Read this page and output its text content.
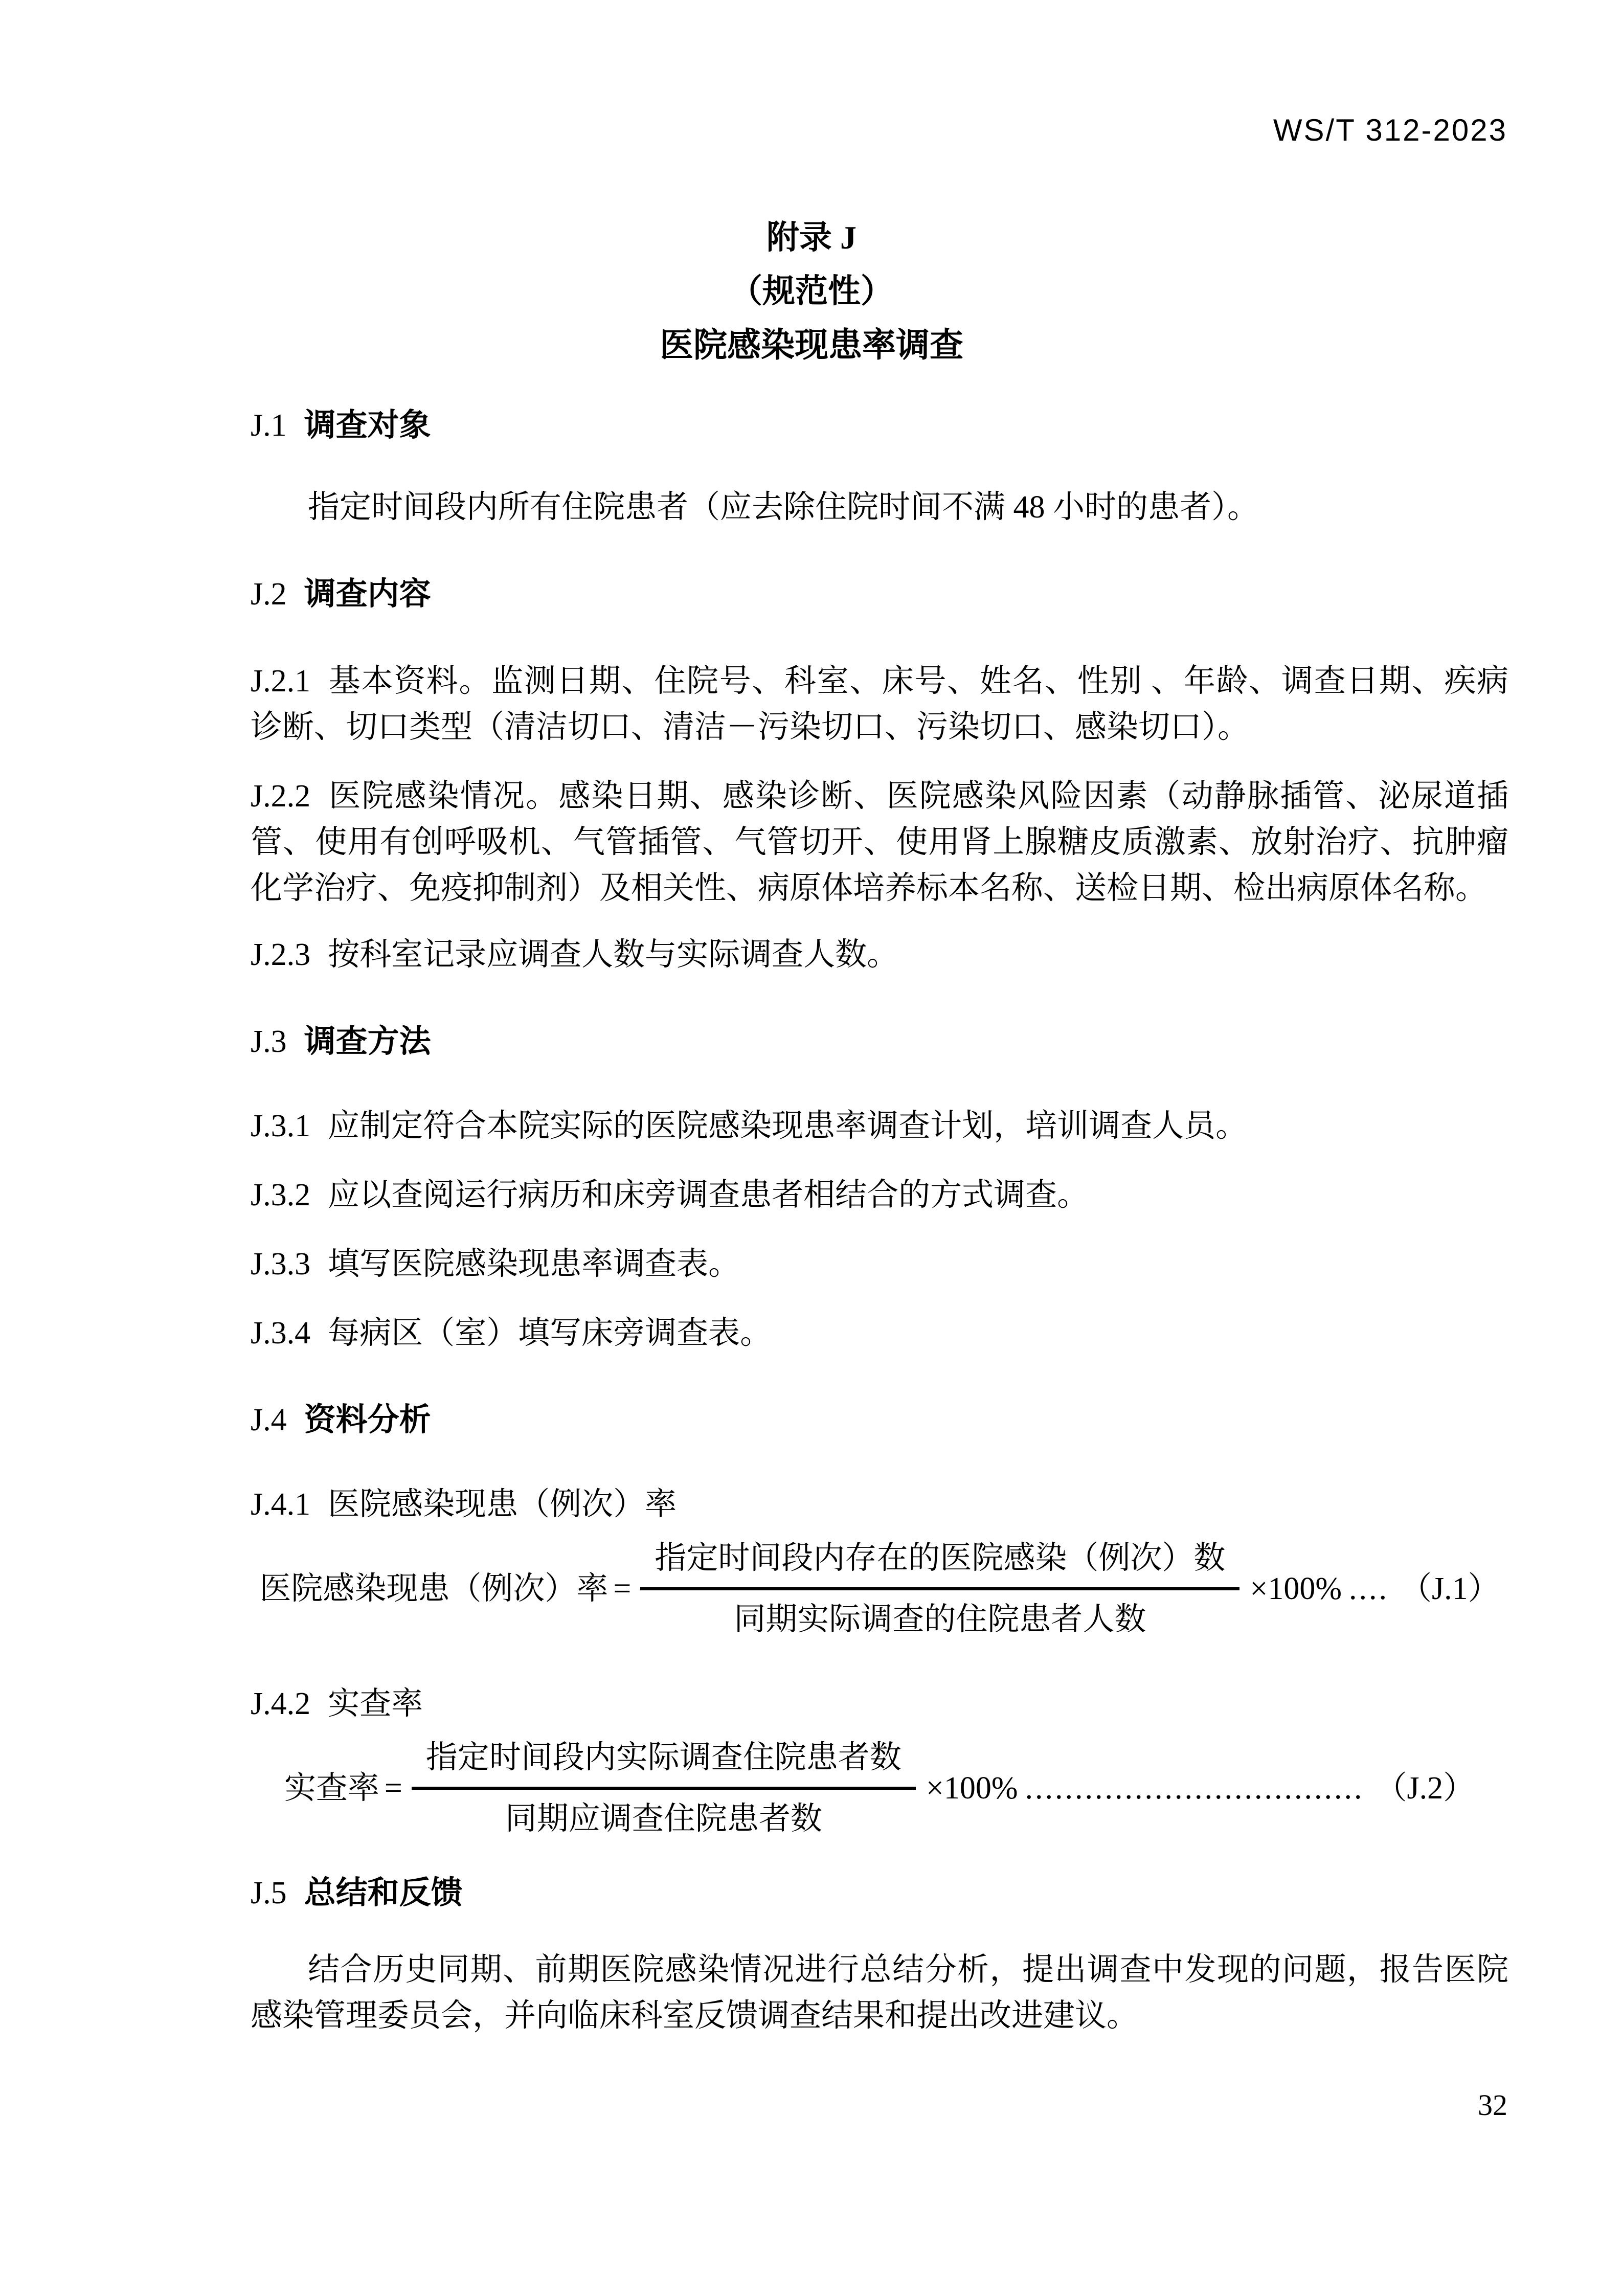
WS/T 312-2023
附录 J
（规范性）
医院感染现患率调查
J.1 调查对象

指定时间段内所有住院患者（应去除住院时间不满 48 小时的患者）。

J.2 调查内容

J.2.1 基本资料。监测日期、住院号、科室、床号、姓名、性别 、年龄、调查日期、疾病诊断、切口类型（清洁切口、清洁－污染切口、污染切口、感染切口）。

J.2.2 医院感染情况。感染日期、感染诊断、医院感染风险因素（动静脉插管、泌尿道插管、使用有创呼吸机、气管插管、气管切开、使用肾上腺糖皮质激素、放射治疗、抗肿瘤化学治疗、免疫抑制剂）及相关性、病原体培养标本名称、送检日期、检出病原体名称。

J.2.3 按科室记录应调查人数与实际调查人数。

J.3 调查方法

J.3.1 应制定符合本院实际的医院感染现患率调查计划，培训调查人员。

J.3.2 应以查阅运行病历和床旁调查患者相结合的方式调查。

J.3.3 填写医院感染现患率调查表。

J.3.4 每病区（室）填写床旁调查表。

J.4 资料分析

J.4.1 医院感染现患（例次）率

医院感染现患（例次）率 = $\frac{\text{指定时间段内存在的医院感染（例次）数}}{\text{同期实际调查的住院患者人数}} \times 100\%$ .... （J.1）

J.4.2 实查率

实查率 = $\frac{\text{指定时间段内实际调查住院患者数}}{\text{同期应调查住院患者数}} \times 100\%$ .................................. （J.2）
J.5 总结和反馈

结合历史同期、前期医院感染情况进行总结分析，提出调查中发现的问题，报告医院感染管理委员会，并向临床科室反馈调查结果和提出改进建议。

32
